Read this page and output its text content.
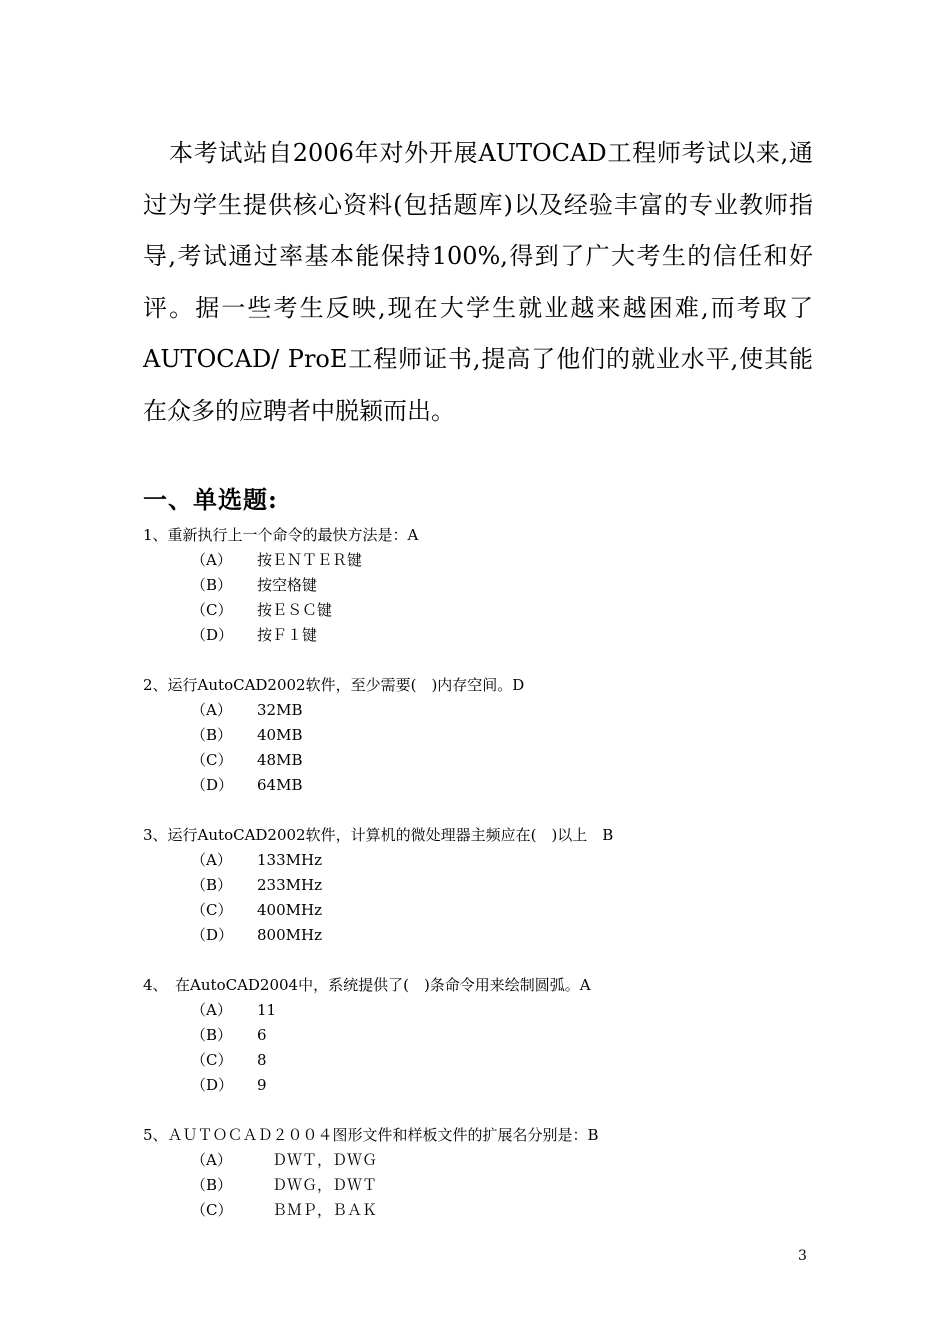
本考试站自2006年对外开展AUTOCAD工程师考试以来,通过为学生提供核心资料(包括题库)以及经验丰富的专业教师指导,考试通过率基本能保持100%,得到了广大考生的信任和好评。据一些考生反映,现在大学生就业越来越困难,而考取了AUTOCAD/ ProE工程师证书,提高了他们的就业水平,使其能在众多的应聘者中脱颖而出。

一、单选题:
1、重新执行上一个命令的最快方法是：A
（A）	按ＥＮＴＥＲ键
（B）	按空格键
（C）	按ＥＳＣ键
（D）	按Ｆ１键
2、运行AutoCAD2002软件，至少需要(　)内存空间。D
（A）	32MB
（B）	40MB
（C）	48MB
（D）	64MB
3、运行AutoCAD2002软件，计算机的微处理器主频应在(　)以上　B
（A）	133MHz
（B）	233MHz
（C）	400MHz
（D）	800MHz
4、　在AutoCAD2004中，系统提供了(　)条命令用来绘制圆弧。A
（A）	11
（B）	6
（C）	8
（D）	9
5、ＡＵＴＯＣＡＤ２００４图形文件和样板文件的扩展名分别是：B
（A）	　ＤＷＴ，ＤＷＧ
（B）	　ＤＷＧ，ＤＷＴ
（C）	　ＢＭＰ，ＢＡＫ
3
